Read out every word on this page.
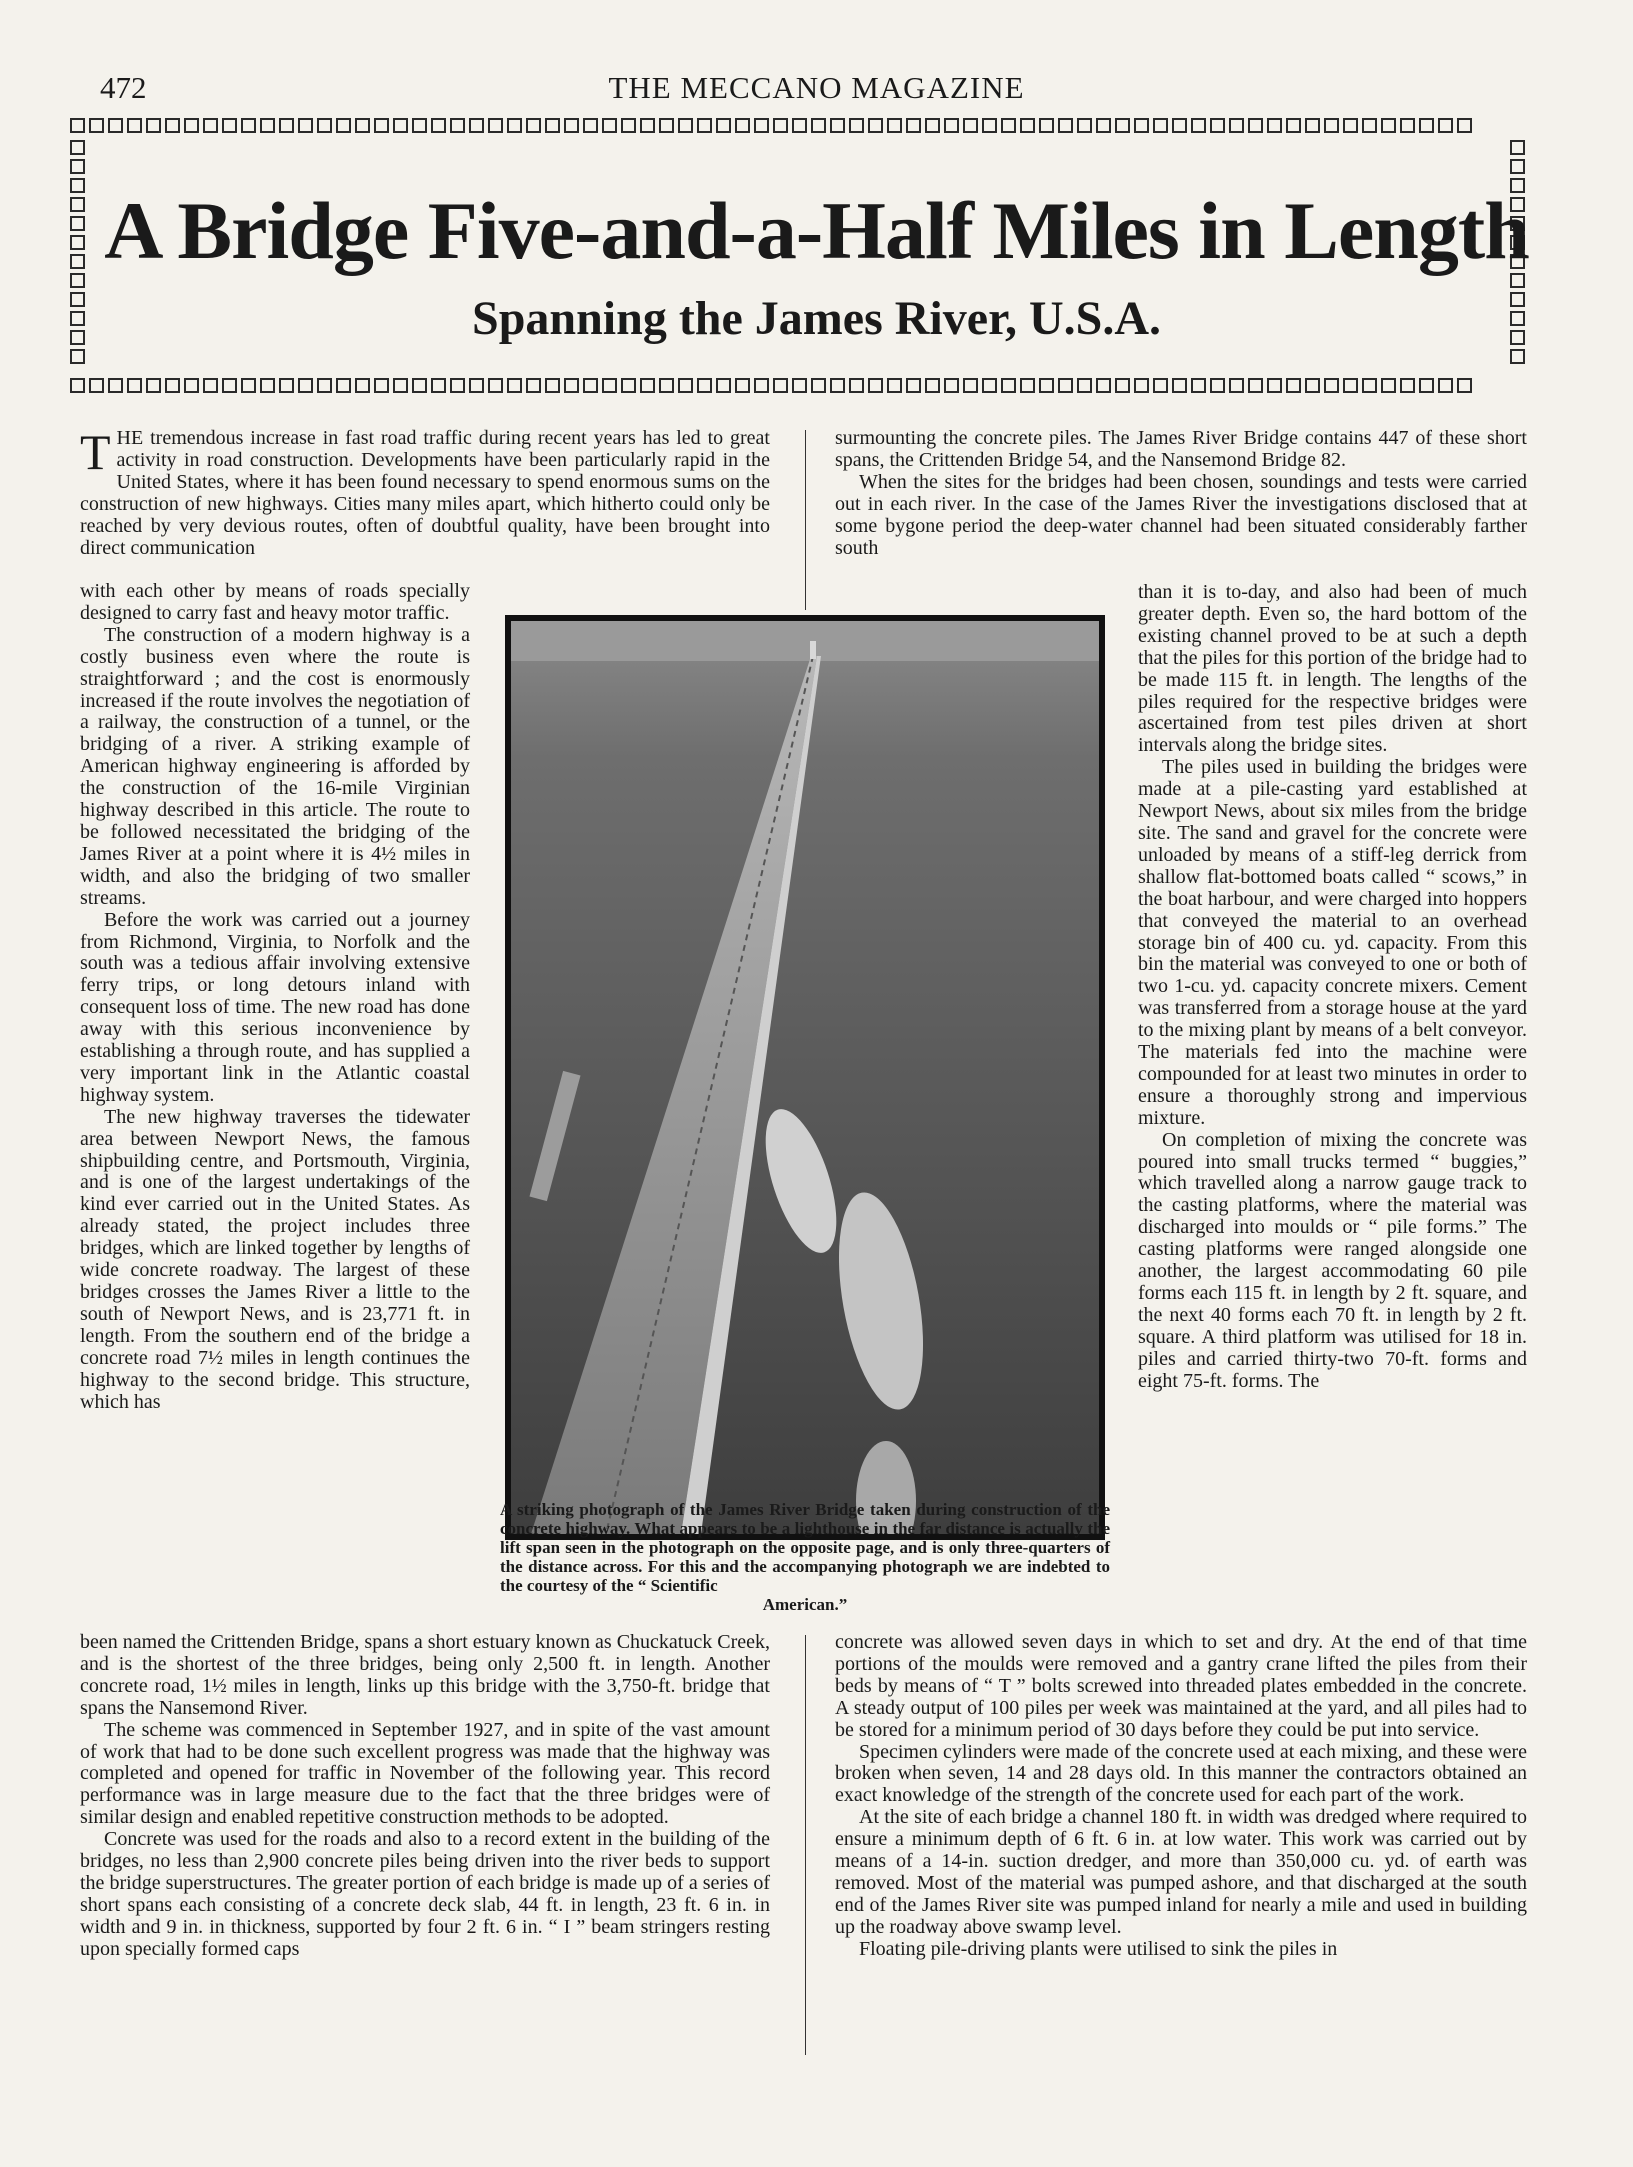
472	THE MECCANO MAGAZINE
A Bridge Five-and-a-Half Miles in Length
Spanning the James River, U.S.A.

THE tremendous increase in fast road traffic during recent years has led to great activity in road construction. Developments have been particularly rapid in the United States, where it has been found necessary to spend enormous sums on the construction of new highways. Cities many miles apart, which hitherto could only be reached by very devious routes, often of doubtful quality, have been brought into direct communication

with each other by means of roads specially designed to carry fast and heavy motor traffic.

The construction of a modern highway is a costly business even where the route is straightforward ; and the cost is enormously increased if the route involves the negotiation of a railway, the construction of a tunnel, or the bridging of a river. A striking example of American highway engineering is afforded by the construction of the 16-mile Virginian highway described in this article. The route to be followed necessitated the bridging of the James River at a point where it is 4½ miles in width, and also the bridging of two smaller streams.

Before the work was carried out a journey from Richmond, Virginia, to Norfolk and the south was a tedious affair involving extensive ferry trips, or long detours inland with consequent loss of time. The new road has done away with this serious inconvenience by establishing a through route, and has supplied a very important link in the Atlantic coastal highway system.

The new highway traverses the tidewater area between Newport News, the famous shipbuilding centre, and Portsmouth, Virginia, and is one of the largest undertakings of the kind ever carried out in the United States. As already stated, the project includes three bridges, which are linked together by lengths of wide concrete roadway. The largest of these bridges crosses the James River a little to the south of Newport News, and is 23,771 ft. in length. From the southern end of the bridge a concrete road 7½ miles in length continues the highway to the second bridge. This structure, which has

been named the Crittenden Bridge, spans a short estuary known as Chuckatuck Creek, and is the shortest of the three bridges, being only 2,500 ft. in length. Another concrete road, 1½ miles in length, links up this bridge with the 3,750-ft. bridge that spans the Nansemond River.

The scheme was commenced in September 1927, and in spite of the vast amount of work that had to be done such excellent progress was made that the highway was completed and opened for traffic in November of the following year. This record performance was in large measure due to the fact that the three bridges were of similar design and enabled repetitive construction methods to be adopted.

Concrete was used for the roads and also to a record extent in the building of the bridges, no less than 2,900 concrete piles being driven into the river beds to support the bridge superstructures. The greater portion of each bridge is made up of a series of short spans each consisting of a concrete deck slab, 44 ft. in length, 23 ft. 6 in. in width and 9 in. in thickness, supported by four 2 ft. 6 in. “ I ” beam stringers resting upon specially formed caps

surmounting the concrete piles. The James River Bridge contains 447 of these short spans, the Crittenden Bridge 54, and the Nansemond Bridge 82.

When the sites for the bridges had been chosen, soundings and tests were carried out in each river. In the case of the James River the investigations disclosed that at some bygone period the deep-water channel had been situated considerably farther south

than it is to-day, and also had been of much greater depth. Even so, the hard bottom of the existing channel proved to be at such a depth that the piles for this portion of the bridge had to be made 115 ft. in length. The lengths of the piles required for the respective bridges were ascertained from test piles driven at short intervals along the bridge sites.

The piles used in building the bridges were made at a pile-casting yard established at Newport News, about six miles from the bridge site. The sand and gravel for the concrete were unloaded by means of a stiff-leg derrick from shallow flat-bottomed boats called “ scows,” in the boat harbour, and were charged into hoppers that conveyed the material to an overhead storage bin of 400 cu. yd. capacity. From this bin the material was conveyed to one or both of two 1-cu. yd. capacity concrete mixers. Cement was transferred from a storage house at the yard to the mixing plant by means of a belt conveyor. The materials fed into the machine were compounded for at least two minutes in order to ensure a thoroughly strong and impervious mixture.

On completion of mixing the concrete was poured into small trucks termed “ buggies,” which travelled along a narrow gauge track to the casting platforms, where the material was discharged into moulds or “ pile forms.” The casting platforms were ranged alongside one another, the largest accommodating 60 pile forms each 115 ft. in length by 2 ft. square, and the next 40 forms each 70 ft. in length by 2 ft. square. A third platform was utilised for 18 in. piles and carried thirty-two 70-ft. forms and eight 75-ft. forms. The

concrete was allowed seven days in which to set and dry. At the end of that time portions of the moulds were removed and a gantry crane lifted the piles from their beds by means of “ T ” bolts screwed into threaded plates embedded in the concrete. A steady output of 100 piles per week was maintained at the yard, and all piles had to be stored for a minimum period of 30 days before they could be put into service.

Specimen cylinders were made of the concrete used at each mixing, and these were broken when seven, 14 and 28 days old. In this manner the contractors obtained an exact knowledge of the strength of the concrete used for each part of the work.

At the site of each bridge a channel 180 ft. in width was dredged where required to ensure a minimum depth of 6 ft. 6 in. at low water. This work was carried out by means of a 14-in. suction dredger, and more than 350,000 cu. yd. of earth was removed. Most of the material was pumped ashore, and that discharged at the south end of the James River site was pumped inland for nearly a mile and used in building up the roadway above swamp level.

Floating pile-driving plants were utilised to sink the piles in

A striking photograph of the James River Bridge taken during construction of the concrete highway. What appears to be a lighthouse in the far distance is actually the lift span seen in the photograph on the opposite page, and is only three-quarters of the distance across. For this and the accompanying photograph we are indebted to the courtesy of the “ Scientific
American.”
